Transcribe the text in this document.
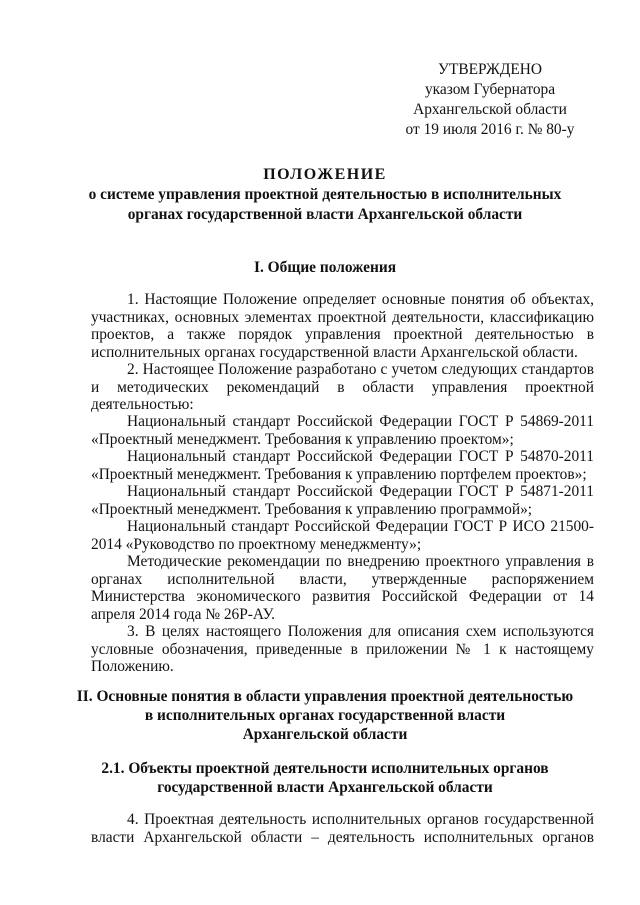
УТВЕРЖДЕНО
указом Губернатора
Архангельской области
от 19 июля 2016 г. № 80-у
ПОЛОЖЕНИЕ
о системе управления проектной деятельностью в исполнительных
органах государственной власти Архангельской области
I. Общие положения
1. Настоящие Положение определяет основные понятия об объектах, участниках, основных элементах проектной деятельности, классификацию проектов, а также порядок управления проектной деятельностью в исполнительных органах государственной власти Архангельской области.
2. Настоящее Положение разработано с учетом следующих стандартов и методических рекомендаций в области управления проектной деятельностью:
Национальный стандарт Российской Федерации ГОСТ Р 54869-2011 «Проектный менеджмент. Требования к управлению проектом»;
Национальный стандарт Российской Федерации ГОСТ Р 54870-2011 «Проектный менеджмент. Требования к управлению портфелем проектов»;
Национальный стандарт Российской Федерации ГОСТ Р 54871-2011 «Проектный менеджмент. Требования к управлению программой»;
Национальный стандарт Российской Федерации ГОСТ Р ИСО 21500-2014 «Руководство по проектному менеджменту»;
Методические рекомендации по внедрению проектного управления в органах исполнительной власти, утвержденные распоряжением Министерства экономического развития Российской Федерации от 14 апреля 2014 года № 26Р-АУ.
3. В целях настоящего Положения для описания схем используются условные обозначения, приведенные в приложении № 1 к настоящему Положению.
II. Основные понятия в области управления проектной деятельностью
в исполнительных органах государственной власти
Архангельской области
2.1. Объекты проектной деятельности исполнительных органов
государственной власти Архангельской области
4. Проектная деятельность исполнительных органов государственной власти Архангельской области – деятельность исполнительных органов
